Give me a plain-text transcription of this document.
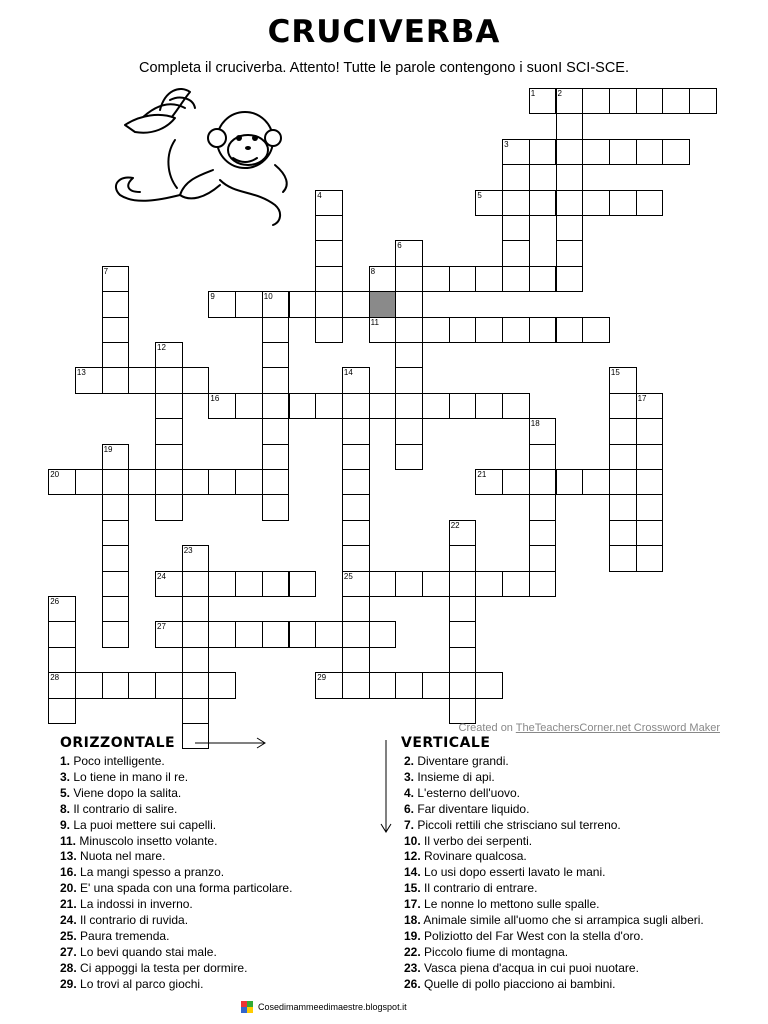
CRUCIVERBA
Completa il cruciverba. Attento! Tutte le parole contengono i suonI SCI-SCE.
1	2
3
5
4
8
6
9	10
11
7
13
12
16
14
25
20
15
21
17
24
18
19
27
22
28
23
29
26
Created on TheTeachersCorner.net Crossword Maker
ORIZZONTALE	VERTICALE
1. Poco intelligente.
3. Lo tiene in mano il re.
5. Viene dopo la salita.
8. Il contrario di salire.
9. La puoi mettere sui capelli.
11. Minuscolo insetto volante.
13. Nuota nel mare.
16. La mangi spesso a pranzo.
20. E' una spada con una forma particolare.
21. La indossi in inverno.
24. Il contrario di ruvida.
25. Paura tremenda.
27. Lo bevi quando stai male.
28. Ci appoggi la testa per dormire.
29. Lo trovi al parco giochi.
2. Diventare grandi.
3. Insieme di api.
4. L'esterno dell'uovo.
6. Far diventare liquido.
7. Piccoli rettili che strisciano sul terreno.
10. Il verbo dei serpenti.
12. Rovinare qualcosa.
14. Lo usi dopo esserti lavato le mani.
15. Il contrario di entrare.
17. Le nonne lo mettono sulle spalle.
18. Animale simile all'uomo che si arrampica sugli alberi.
19. Poliziotto del Far West con la stella d'oro.
22. Piccolo fiume di montagna.
23. Vasca piena d'acqua in cui puoi nuotare.
26. Quelle di pollo piacciono ai bambini.
Cosedimammeedimaestre.blogspot.it
